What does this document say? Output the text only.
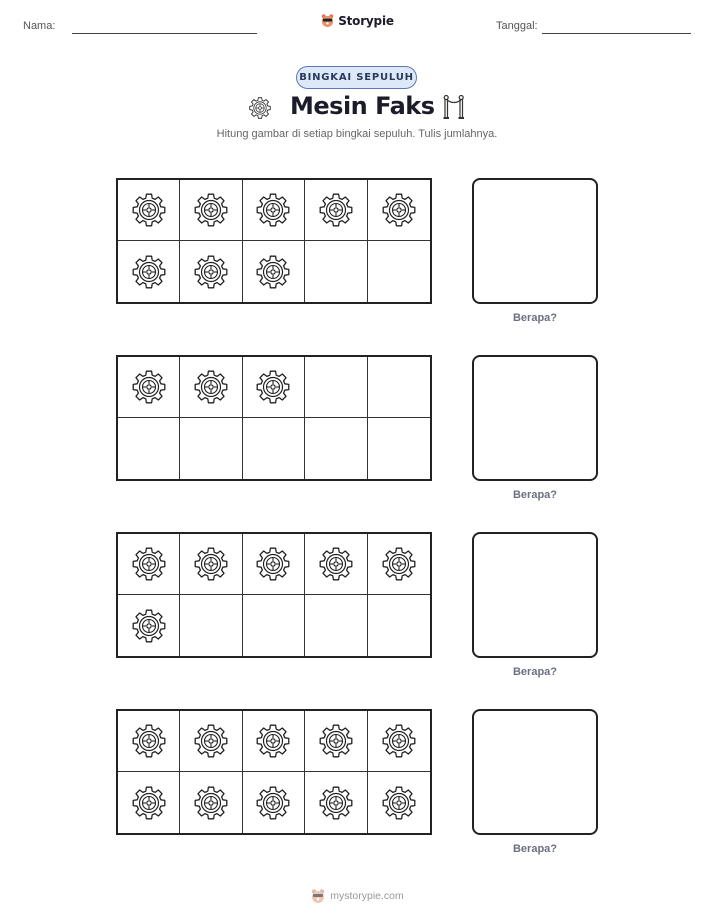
Nama:	Storypie	Tanggal:
BINGKAI SEPULUH
Mesin Faks
Hitung gambar di setiap bingkai sepuluh. Tulis jumlahnya.
Berapa?
Berapa?
Berapa?
Berapa?
mystorypie.com
